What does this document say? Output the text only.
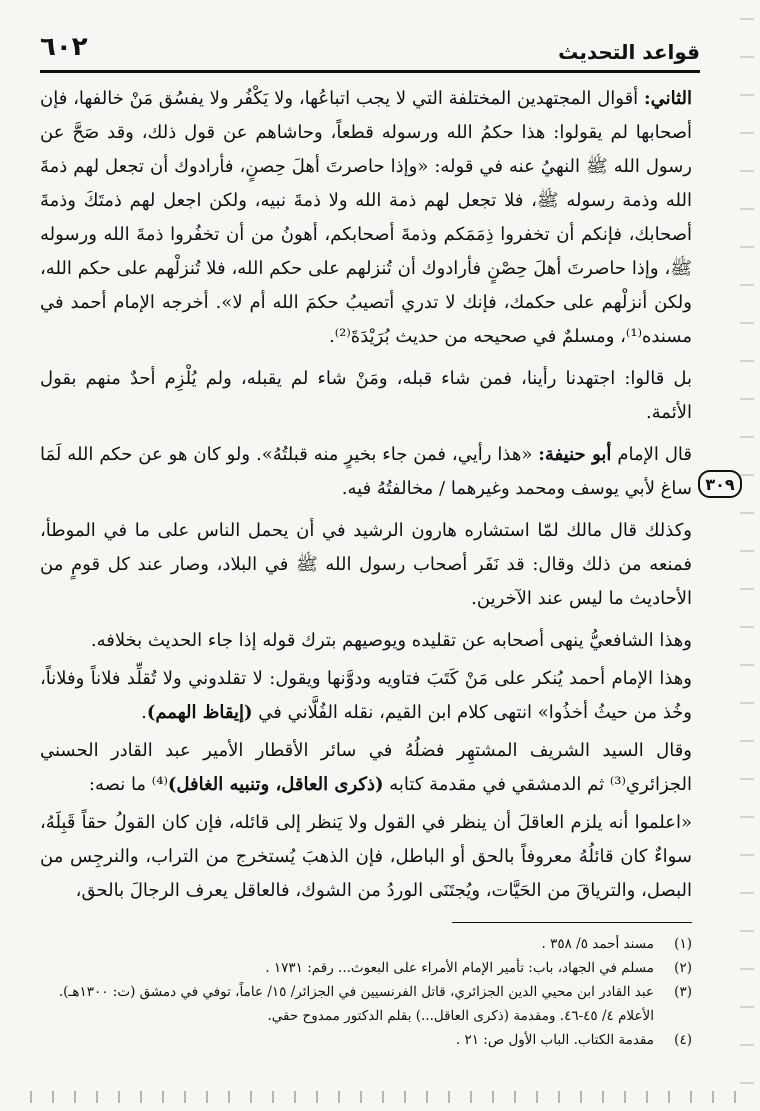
قواعد التحديث
٦٠٢
٣٠٩

الثاني: أقوال المجتهدين المختلفة التي لا يجب اتباعُها، ولا يَكْفُر ولا يفسُق مَنْ خالفها، فإن أصحابها لم يقولوا: هذا حكمُ الله ورسوله قطعاً، وحاشاهم عن قول ذلك، وقد صَحَّ عن رسول الله ﷺ النهيُ عنه في قوله: «وإذا حاصرتَ أهلَ حِصنٍ، فأرادوك أن تجعل لهم ذمةَ الله وذمة رسوله ﷺ، فلا تجعل لهم ذمة الله ولا ذمةَ نبيه، ولكن اجعل لهم ذمتَكَ وذمةَ أصحابك، فإنكم أن تخفروا ذِمَمَكم وذمةَ أصحابكم، أهونُ من أن تخفُروا ذمةَ الله ورسوله ﷺ، وإذا حاصرتَ أهلَ حِصْنٍ فأرادوك أن تُنزلهم على حكم الله، فلا تُنزلْهم على حكم الله، ولكن أنزلْهم على حكمك، فإنك لا تدري أتصيبُ حكمَ الله أم لا». أخرجه الإمام أحمد في مسنده⁽¹⁾، ومسلمٌ في صحيحه من حديث بُرَيْدَةَ⁽²⁾.

بل قالوا: اجتهدنا رأينا، فمن شاء قبله، ومَنْ شاء لم يقبله، ولم يُلْزِم أحدٌ منهم بقول الأئمة.

قال الإمام أبو حنيفة: «هذا رأيي، فمن جاء بخيرٍ منه قبلتُهُ». ولو كان هو عن حكم الله لَمَا ساغ لأبي يوسف ومحمد وغيرهما / مخالفتُهُ فيه.

وكذلك قال مالك لمّا استشاره هارون الرشيد في أن يحمل الناس على ما في الموطأ، فمنعه من ذلك وقال: قد نَفَر أصحاب رسول الله ﷺ في البلاد، وصار عند كل قومٍ من الأحاديث ما ليس عند الآخرين.

وهذا الشافعيُّ ينهى أصحابه عن تقليده ويوصيهم بترك قوله إذا جاء الحديث بخلافه.

وهذا الإمام أحمد يُنكر على مَنْ كَتَبَ فتاويه ودوَّنها ويقول: لا تقلدوني ولا تُقلِّد فلاناً وفلاناً، وخُذ من حيثُ أخذُوا» انتهى كلام ابن القيم، نقله الفُلَّاني في (إيقاظ الهمم).

وقال السيد الشريف المشتهِر فضلُهُ في سائر الأقطار الأمير عبد القادر الحسني الجزائري⁽³⁾ ثم الدمشقي في مقدمة كتابه (ذكرى العاقل، وتنبيه الغافل)⁽⁴⁾ ما نصه:

«اعلموا أنه يلزم العاقلَ أن ينظر في القول ولا يَنظر إلى قائله، فإن كان القولُ حقاً قَبِلَهُ، سواءٌ كان قائلُهُ معروفاً بالحق أو الباطل، فإن الذهبَ يُستخرج من التراب، والنرجِس من البصل، والترياقَ من الحَيَّات، ويُجتَنَى الوردُ من الشوك، فالعاقل يعرف الرجالَ بالحق،

(١)
مسند أحمد ٥/ ٣٥٨ .
(٢)
مسلم في الجهاد، باب: تأمير الإمام الأمراء على البعوث... رقم: ١٧٣١ .
(٣)
عبد القادر ابن محيي الدين الجزائري، قاتل الفرنسيين في الجزائر/ ١٥/ عاماً، توفي في دمشق (ت: ١٣٠٠هـ). الأعلام ٤/ ٤٥-٤٦. ومقدمة (ذكرى العاقل...) بقلم الدكتور ممدوح حقي.
(٤)
مقدمة الكتاب. الباب الأول ص: ٢١ .
